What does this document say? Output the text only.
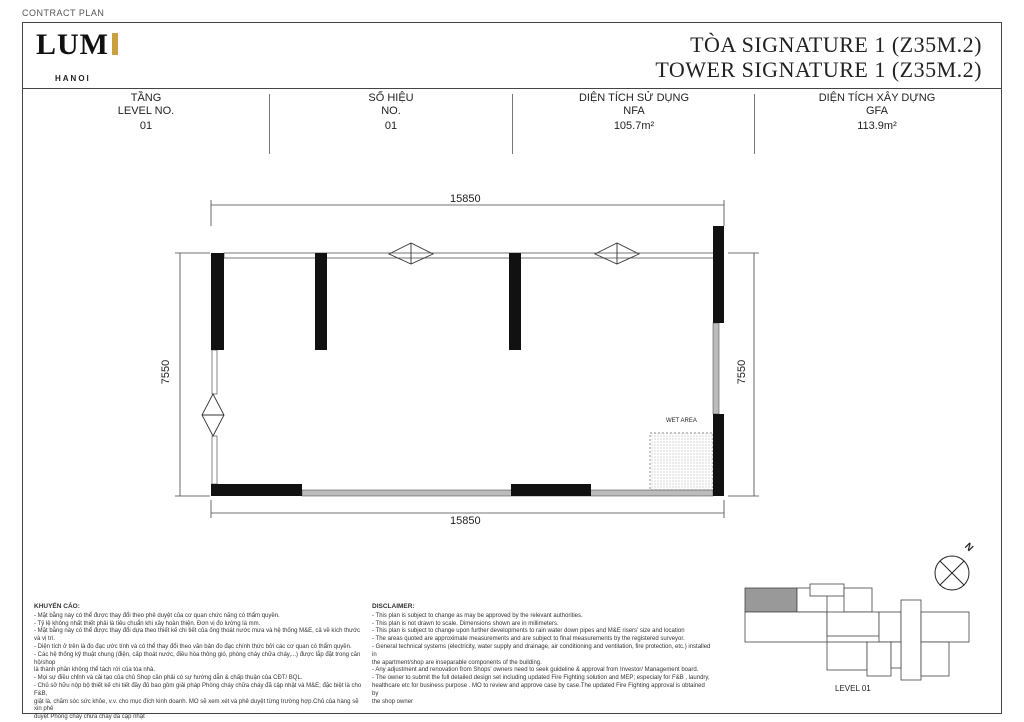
CONTRACT PLAN
LUM
HANOI
TÒA SIGNATURE 1 (Z35M.2)
TOWER SIGNATURE 1 (Z35M.2)
TẦNG
LEVEL NO.
01
SỐ HIỆU
NO.
01
DIỆN TÍCH SỬ DỤNG
NFA
105.7m²
DIỆN TÍCH XÂY DỰNG
GFA
113.9m²
15850
15850
7550	7550
WET AREA
KHUYẾN CÁO:
- Mặt bằng này có thể được thay đổi theo phê duyệt của cơ quan chức năng có thẩm quyền.
- Tỷ lệ không nhất thiết phải là tiêu chuẩn khi xây hoàn thiện. Đơn vị đo lường là mm.
- Mặt bằng này có thể được thay đổi dựa theo thiết kế chi tiết của ống thoát nước mưa và hệ thống M&E, cả về kích thước và vị trí.
- Diện tích ở trên là đo đạc ước tính và có thể thay đổi theo văn bản đo đạc chính thức bởi các cơ quan có thẩm quyền.
- Các hệ thống kỹ thuật chung (điện, cấp thoát nước, điều hòa thông gió, phòng cháy chữa cháy,...) được lắp đặt trong căn hộ/shop
là thành phần không thể tách rời của tòa nhà.
- Mọi sự điều chỉnh và cải tạo của chủ Shop cần phải có sự hướng dẫn & chấp thuận của CĐT/ BQL.
- Chủ sở hữu nộp bộ thiết kế chi tiết đầy đủ bao gồm giải pháp Phòng cháy chữa cháy đã cập nhật và M&E; đặc biệt là cho F&B,
giặt là, chăm sóc sức khỏe, v.v. cho mục đích kinh doanh. MO sẽ xem xét và phê duyệt từng trường hợp.Chủ của hàng sẽ xin phê
duyệt Phòng cháy chữa cháy đã cập nhật
DISCLAIMER:
- This plan is subject to change as may be approved by the relevant authorities.
- This plan is not drawn to scale. Dimensions shown are in millimeters.
- This plan is subject to change upon further developments to rain water down pipes and M&E risers' size and location
- The areas quoted are approximate measurements and are subject to final measurements by the registered surveyor.
- General technical systems (electricity, water supply and drainage, air conditioning and ventilation, fire protection, etc.) installed in
the apartment/shop are inseparable components of the building.
- Any adjustment and renovation from Shops' owners need to seek guideline & approval from Investor/ Management board.
- The owner to submit the full detailed design set including updated Fire Fighting solution and MEP; especialy for F&B , laundry,
healthcare etc for business purpose . MO to review and approve case by case.The updated Fire Fighting approval is obtained by
the shop owner
N
LEVEL 01
